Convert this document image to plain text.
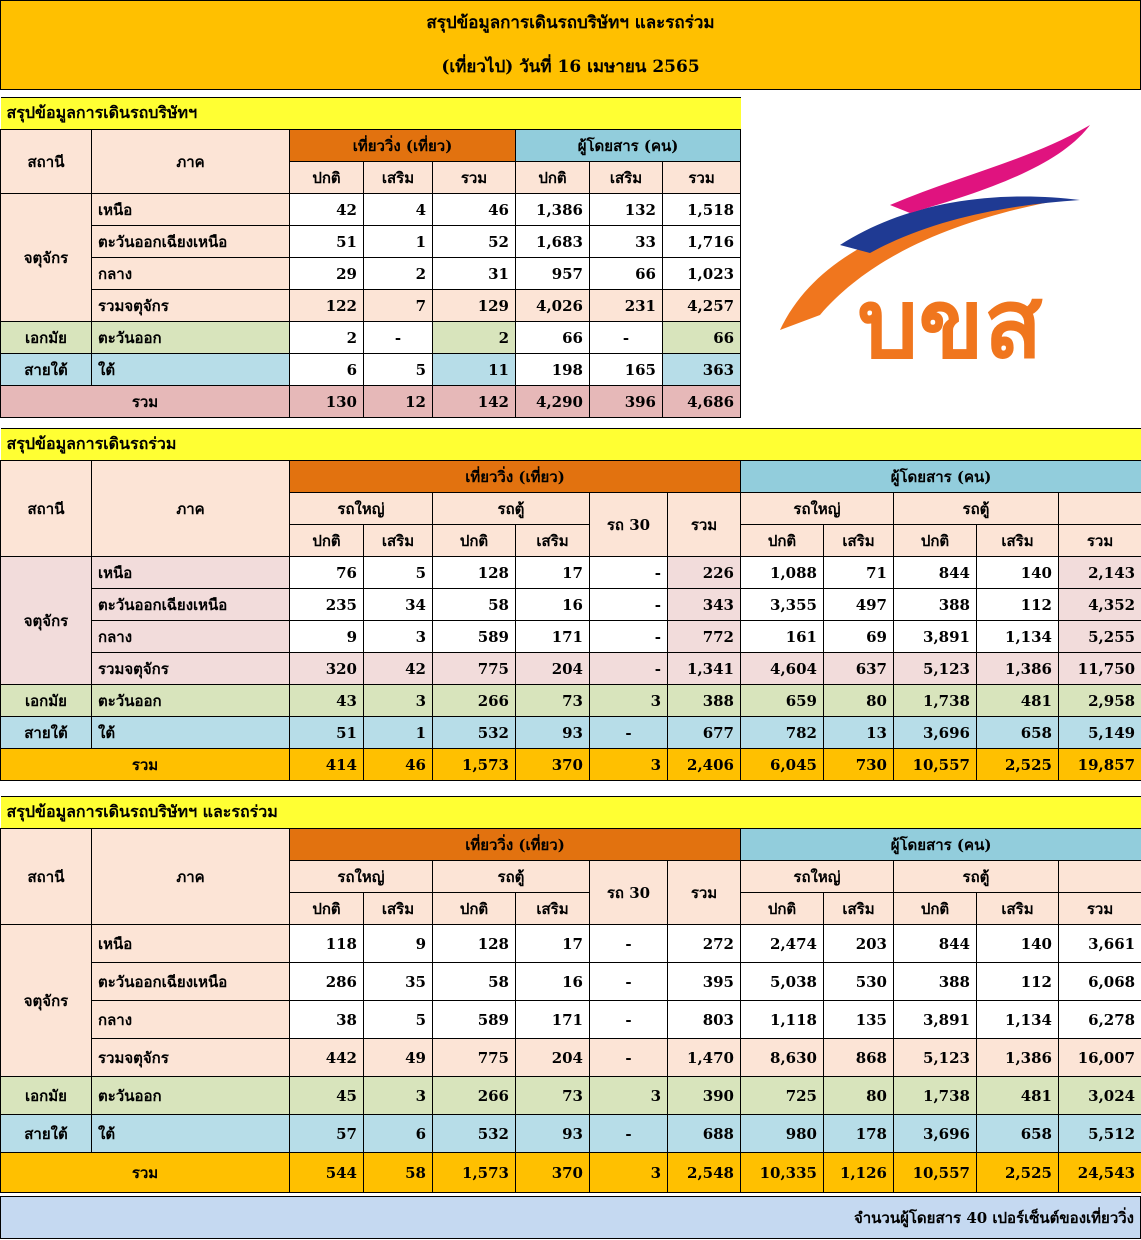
สรุปข้อมูลการเดินรถบริษัทฯ และรถร่วม
(เที่ยวไป) วันที่ 16 เมษายน 2565
บขส
สรุปข้อมูลการเดินรถบริษัทฯ							
สถานี	ภาค	เที่ยววิ่ง (เที่ยว)			ผู้โดยสาร (คน)		
		ปกติ	เสริม	รวม	ปกติ	เสริม	รวม
จตุจักร	เหนือ	42	4	46	1,386	132	1,518
	ตะวันออกเฉียงเหนือ	51	1	52	1,683	33	1,716
	กลาง	29	2	31	957	66	1,023
	รวมจตุจักร	122	7	129	4,026	231	4,257
เอกมัย	ตะวันออก	2	-	2	66	-	66
สายใต้	ใต้	6	5	11	198	165	363
รวม		130	12	142	4,290	396	4,686
สรุปข้อมูลการเดินรถร่วม												
สถานี	ภาค	เที่ยววิ่ง (เที่ยว)						ผู้โดยสาร (คน)				
		รถใหญ่		รถตู้		รถ 30	รวม	รถใหญ่		รถตู้		
		ปกติ	เสริม	ปกติ	เสริม			ปกติ	เสริม	ปกติ	เสริม	รวม
จตุจักร	เหนือ	76	5	128	17	-	226	1,088	71	844	140	2,143
	ตะวันออกเฉียงเหนือ	235	34	58	16	-	343	3,355	497	388	112	4,352
	กลาง	9	3	589	171	-	772	161	69	3,891	1,134	5,255
	รวมจตุจักร	320	42	775	204	-	1,341	4,604	637	5,123	1,386	11,750
เอกมัย	ตะวันออก	43	3	266	73	3	388	659	80	1,738	481	2,958
สายใต้	ใต้	51	1	532	93	-	677	782	13	3,696	658	5,149
รวม		414	46	1,573	370	3	2,406	6,045	730	10,557	2,525	19,857
สรุปข้อมูลการเดินรถบริษัทฯ และรถร่วม												
สถานี	ภาค	เที่ยววิ่ง (เที่ยว)						ผู้โดยสาร (คน)				
		รถใหญ่		รถตู้		รถ 30	รวม	รถใหญ่		รถตู้		
		ปกติ	เสริม	ปกติ	เสริม			ปกติ	เสริม	ปกติ	เสริม	รวม
จตุจักร	เหนือ	118	9	128	17	-	272	2,474	203	844	140	3,661
	ตะวันออกเฉียงเหนือ	286	35	58	16	-	395	5,038	530	388	112	6,068
	กลาง	38	5	589	171	-	803	1,118	135	3,891	1,134	6,278
	รวมจตุจักร	442	49	775	204	-	1,470	8,630	868	5,123	1,386	16,007
เอกมัย	ตะวันออก	45	3	266	73	3	390	725	80	1,738	481	3,024
สายใต้	ใต้	57	6	532	93	-	688	980	178	3,696	658	5,512
รวม		544	58	1,573	370	3	2,548	10,335	1,126	10,557	2,525	24,543
จำนวนผู้โดยสาร 40 เปอร์เซ็นต์ของเที่ยววิ่ง
